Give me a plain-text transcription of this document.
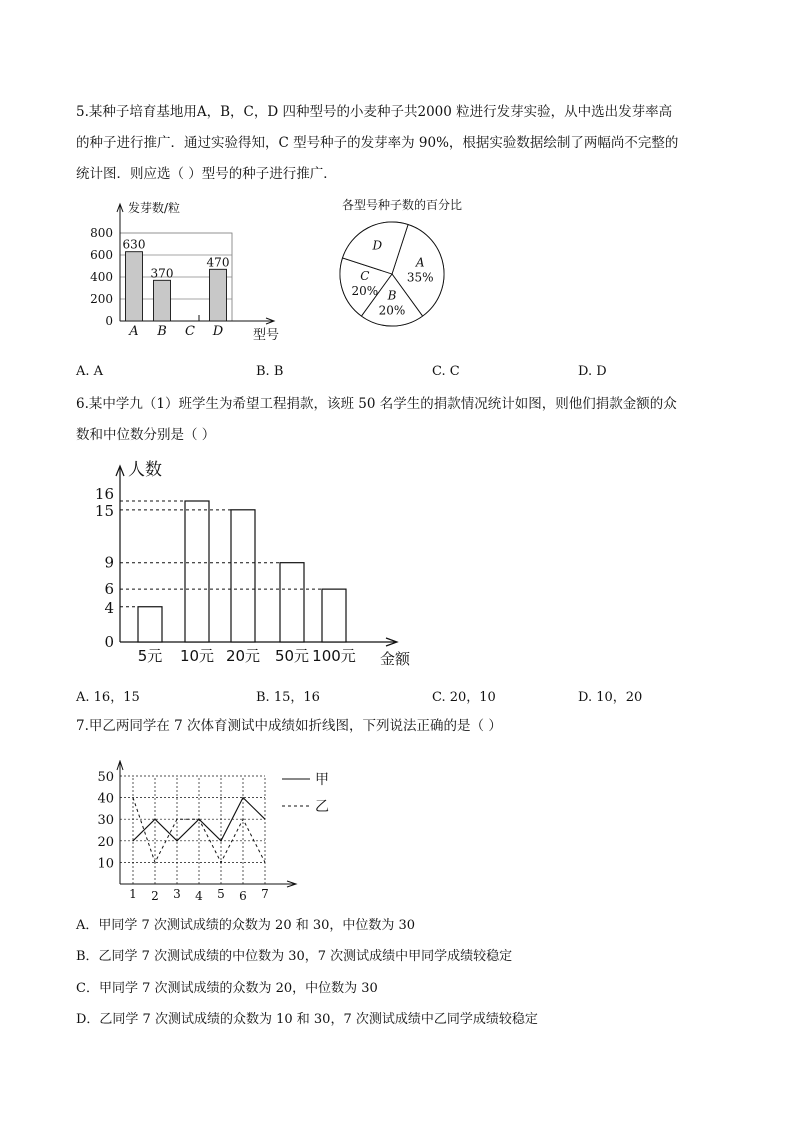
5.某种子培育基地用A，B，C，D 四种型号的小麦种子共2000 粒进行发芽实验，从中选出发芽率高
的种子进行推广．通过实验得知，C 型号种子的发芽率为 90%，根据实验数据绘制了两幅尚不完整的
统计图．则应选（ ）型号的种子进行推广．
0
200
400
600
800
发芽数/粒
型号
630
A
370
B C
470
D
各型号种子数的百分比
A
35%
B
20%
C
20%
D
A. A	B. B	C. C	D. D
6.某中学九（1）班学生为希望工程捐款，该班 50 名学生的捐款情况统计如图，则他们捐款金额的众
数和中位数分别是（ ）
人数
金额
0
4
6
9
15
16
5元 10元 20元 50元 100元
A. 16，15	B. 15，16	C. 20，10	D. 10，20
7.甲乙两同学在 7 次体育测试中成绩如折线图，下列说法正确的是（ ）
10
20
30
40
50
1 2 3 4 5 6 7
甲
乙
A．甲同学 7 次测试成绩的众数为 20 和 30，中位数为 30
B．乙同学 7 次测试成绩的中位数为 30，7 次测试成绩中甲同学成绩较稳定
C．甲同学 7 次测试成绩的众数为 20，中位数为 30
D．乙同学 7 次测试成绩的众数为 10 和 30，7 次测试成绩中乙同学成绩较稳定
